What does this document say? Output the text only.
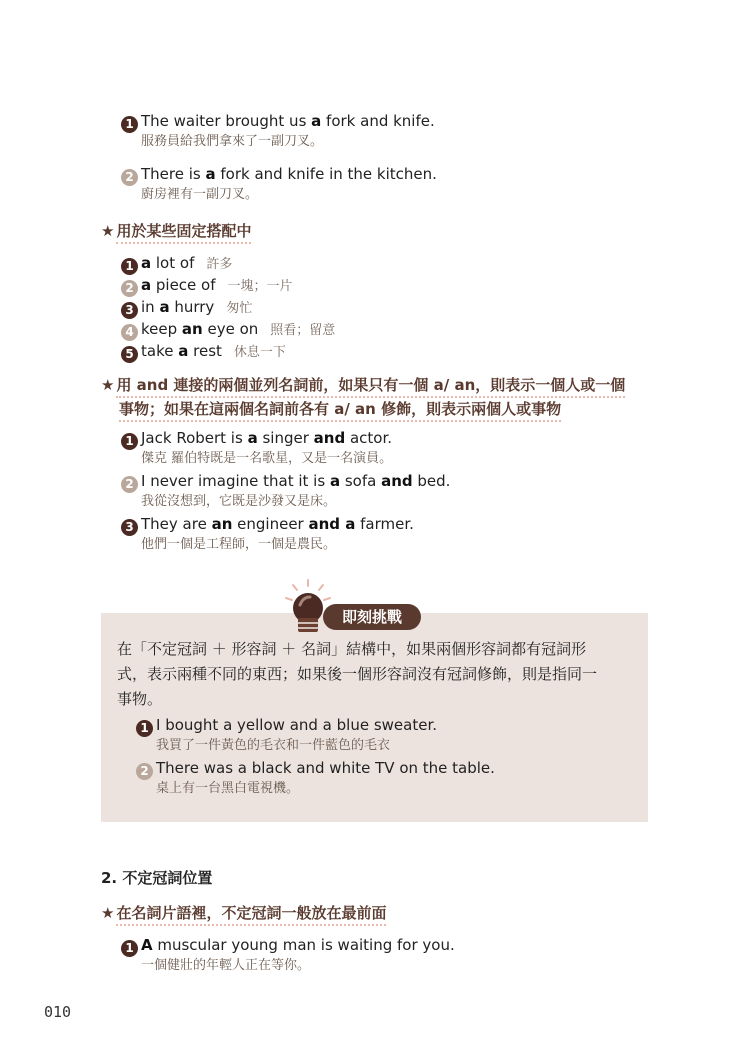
1 The waiter brought us a fork and knife.
服務員給我們拿來了一副刀叉。
2 There is a fork and knife in the kitchen.
廚房裡有一副刀叉。
★ 用於某些固定搭配中
1 a lot of 許多
2 a piece of 一塊；一片
3 in a hurry 匆忙
4 keep an eye on 照看；留意
5 take a rest 休息一下
★ 用 and 連接的兩個並列名詞前，如果只有一個 a/ an，則表示一個人或一個
事物；如果在這兩個名詞前各有 a/ an 修飾，則表示兩個人或事物
1 Jack Robert is a singer and actor.
傑克 羅伯特既是一名歌星，又是一名演員。
2 I never imagine that it is a sofa and bed.
我從沒想到，它既是沙發又是床。
3 They are an engineer and a farmer.
他們一個是工程師，一個是農民。
即刻挑戰
在「不定冠詞 ＋ 形容詞 ＋ 名詞」結構中，如果兩個形容詞都有冠詞形
式，表示兩種不同的東西；如果後一個形容詞沒有冠詞修飾，則是指同一
事物。
1 I bought a yellow and a blue sweater.
我買了一件黃色的毛衣和一件藍色的毛衣
2 There was a black and white TV on the table.
桌上有一台黑白電視機。
2. 不定冠詞位置
★ 在名詞片語裡，不定冠詞一般放在最前面
1 A muscular young man is waiting for you.
一個健壯的年輕人正在等你。
010
